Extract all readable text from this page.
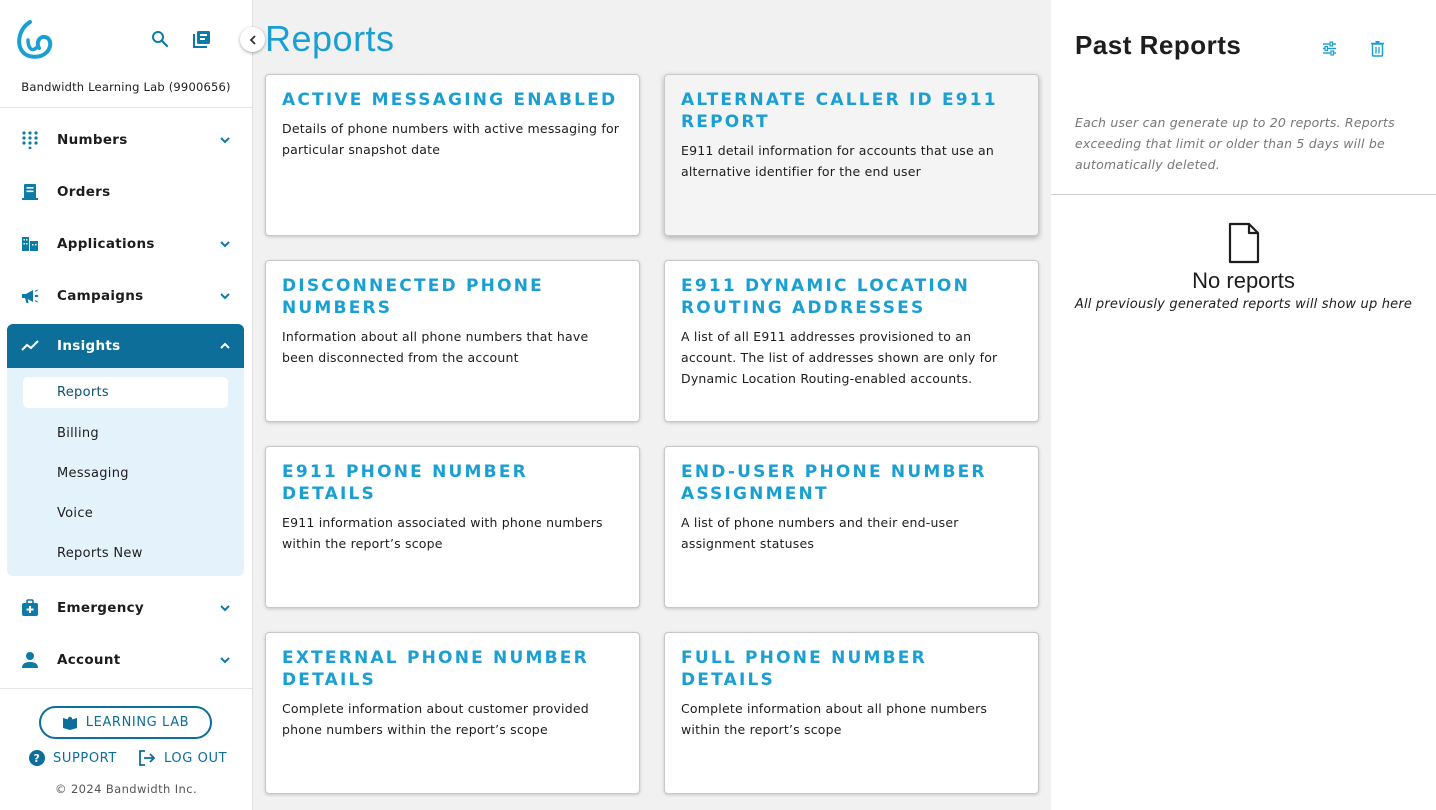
Bandwidth Learning Lab (9900656)
Numbers
Orders
Applications
Campaigns
Insights
Reports
Billing
Messaging
Voice
Reports New
Emergency
Account
LEARNING LAB
? SUPPORT	LOG OUT
© 2024 Bandwidth Inc.
Reports
ACTIVE MESSAGING ENABLED
Details of phone numbers with active messaging for particular snapshot date
ALTERNATE CALLER ID E911 REPORT
E911 detail information for accounts that use an alternative identifier for the end user
DISCONNECTED PHONE NUMBERS
Information about all phone numbers that have been disconnected from the account
E911 DYNAMIC LOCATION ROUTING ADDRESSES
A list of all E911 addresses provisioned to an account. The list of addresses shown are only for Dynamic Location Routing-enabled accounts.
E911 PHONE NUMBER DETAILS
E911 information associated with phone numbers within the report’s scope
END-USER PHONE NUMBER ASSIGNMENT
A list of phone numbers and their end-user assignment statuses
EXTERNAL PHONE NUMBER DETAILS
Complete information about customer provided phone numbers within the report’s scope
FULL PHONE NUMBER DETAILS
Complete information about all phone numbers within the report’s scope
Past Reports
Each user can generate up to 20 reports. Reports exceeding that limit or older than 5 days will be automatically deleted.
No reports
All previously generated reports will show up here
